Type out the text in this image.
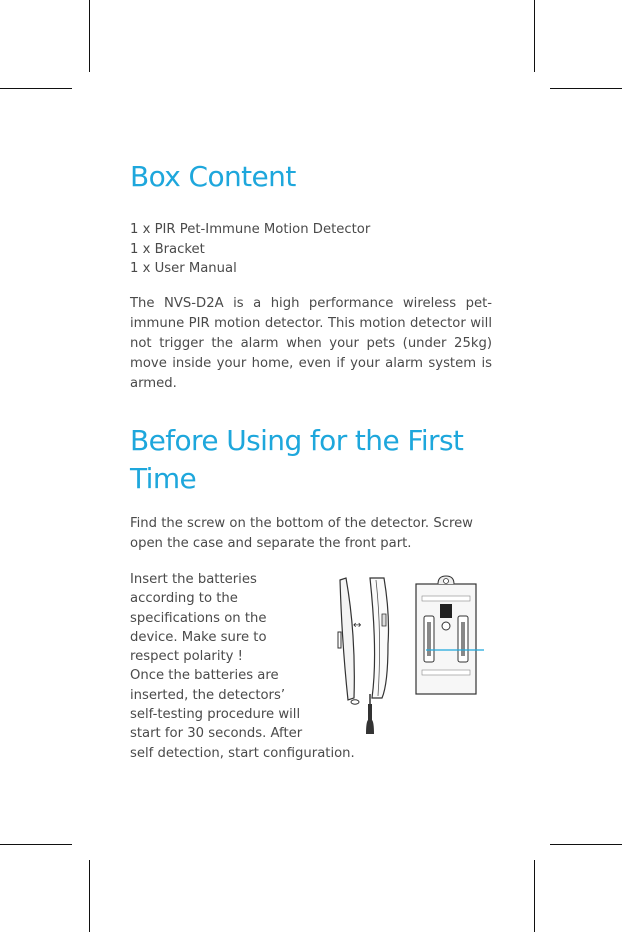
Box Content
1 x PIR Pet-Immune Motion Detector
1 x Bracket
1 x User Manual

The NVS-D2A is a high performance wireless pet-immune PIR motion detector. This motion detector will not trigger the alarm when your pets (under 25kg) move inside your home, even if your alarm system is armed.

Before Using for the First
Time

Find the screw on the bottom of the detector. Screw open the case and separate the front part.

Insert the batteries
according to the
specifications on the
device. Make sure to
respect polarity !
Once the batteries are
inserted, the detectors’
self-testing procedure will
start for 30 seconds. After
self detection, start configuration.
↔
